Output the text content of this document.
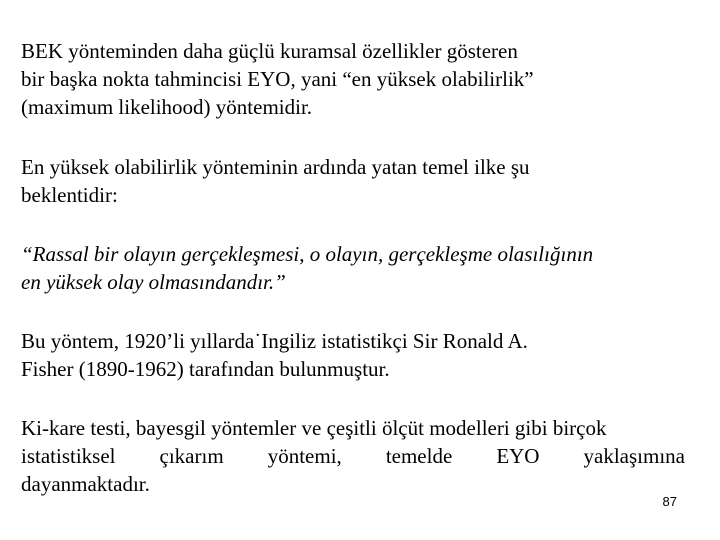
BEK yönteminden daha güçlü kuramsal özellikler gösteren
bir başka nokta tahmincisi EYO, yani “en yüksek olabilirlik”
(maximum likelihood) yöntemidir.

En yüksek olabilirlik yönteminin ardında yatan temel ilke şu
beklentidir:

“Rassal bir olayın gerçekleşmesi, o olayın, gerçekleşme olasılığının
en yüksek olay olmasındandır.”

Bu yöntem, 1920’li yıllarda˙Ingiliz istatistikçi Sir Ronald A.
Fisher (1890-1962) tarafından bulunmuştur.

Ki-kare testi, bayesgil yöntemler ve çeşitli ölçüt modelleri gibi birçok
istatistiksel çıkarım yöntemi, temelde EYO yaklaşımına
dayanmaktadır.
87
